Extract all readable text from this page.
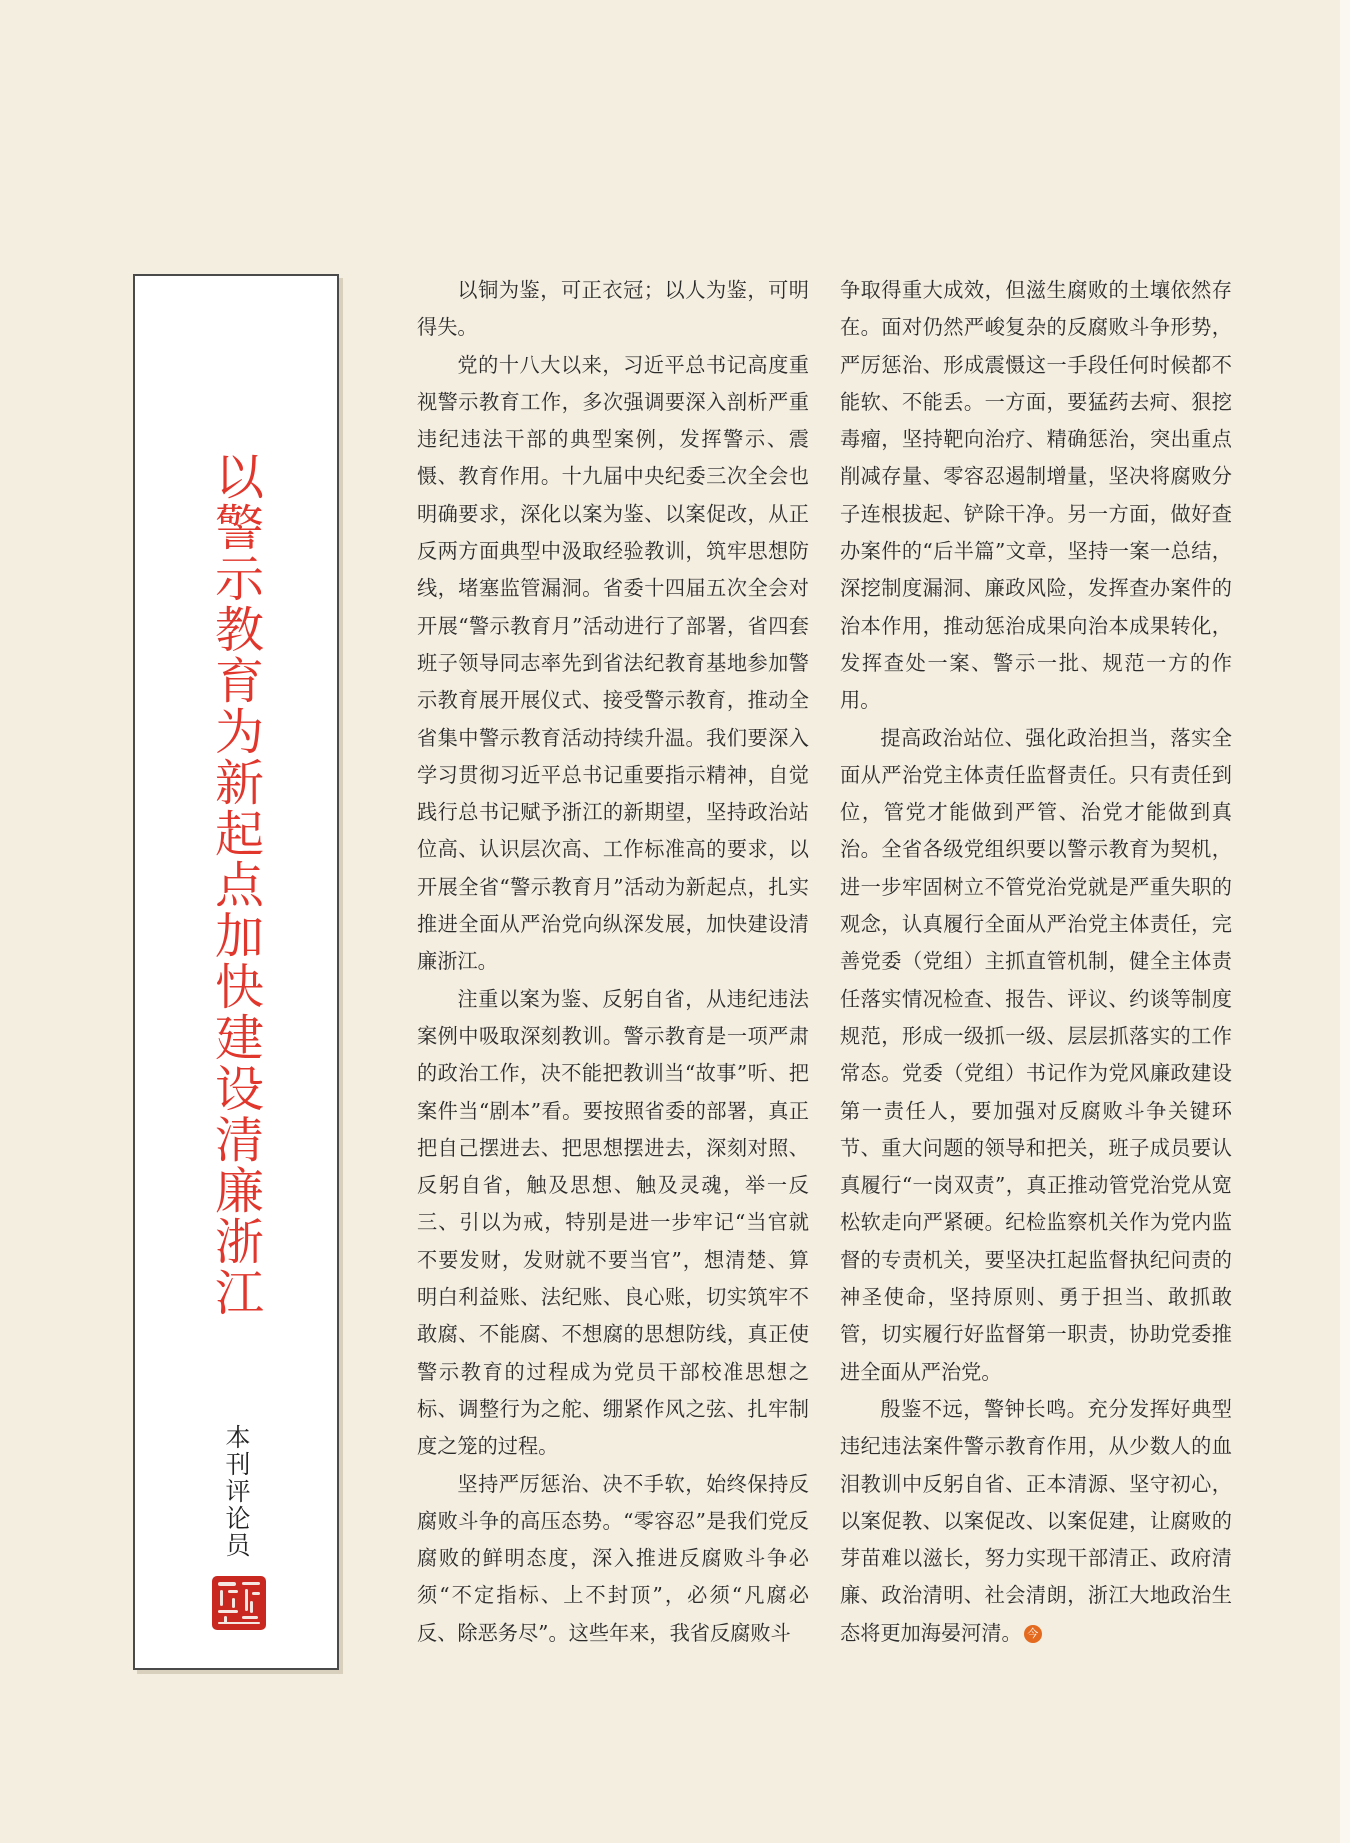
以警示教育为新起点加快建设清廉浙江
本刊评论员

以铜为鉴，可正衣冠；以人为鉴，可明得失。

党的十八大以来，习近平总书记高度重视警示教育工作，多次强调要深入剖析严重违纪违法干部的典型案例，发挥警示、震慑、教育作用。十九届中央纪委三次全会也明确要求，深化以案为鉴、以案促改，从正反两方面典型中汲取经验教训，筑牢思想防线，堵塞监管漏洞。省委十四届五次全会对开展“警示教育月”活动进行了部署，省四套班子领导同志率先到省法纪教育基地参加警示教育展开展仪式、接受警示教育，推动全省集中警示教育活动持续升温。我们要深入学习贯彻习近平总书记重要指示精神，自觉践行总书记赋予浙江的新期望，坚持政治站位高、认识层次高、工作标准高的要求，以开展全省“警示教育月”活动为新起点，扎实推进全面从严治党向纵深发展，加快建设清廉浙江。

注重以案为鉴、反躬自省，从违纪违法案例中吸取深刻教训。警示教育是一项严肃的政治工作，决不能把教训当“故事”听、把案件当“剧本”看。要按照省委的部署，真正把自己摆进去、把思想摆进去，深刻对照、反躬自省，触及思想、触及灵魂，举一反三、引以为戒，特别是进一步牢记“当官就不要发财，发财就不要当官”，想清楚、算明白利益账、法纪账、良心账，切实筑牢不敢腐、不能腐、不想腐的思想防线，真正使警示教育的过程成为党员干部校准思想之标、调整行为之舵、绷紧作风之弦、扎牢制度之笼的过程。

坚持严厉惩治、决不手软，始终保持反腐败斗争的高压态势。“零容忍”是我们党反腐败的鲜明态度，深入推进反腐败斗争必须“不定指标、上不封顶”，必须“凡腐必反、除恶务尽”。这些年来，我省反腐败斗

争取得重大成效，但滋生腐败的土壤依然存在。面对仍然严峻复杂的反腐败斗争形势，严厉惩治、形成震慑这一手段任何时候都不能软、不能丢。一方面，要猛药去疴、狠挖毒瘤，坚持靶向治疗、精确惩治，突出重点削减存量、零容忍遏制增量，坚决将腐败分子连根拔起、铲除干净。另一方面，做好查办案件的“后半篇”文章，坚持一案一总结，深挖制度漏洞、廉政风险，发挥查办案件的治本作用，推动惩治成果向治本成果转化，发挥查处一案、警示一批、规范一方的作用。

提高政治站位、强化政治担当，落实全面从严治党主体责任监督责任。只有责任到位，管党才能做到严管、治党才能做到真治。全省各级党组织要以警示教育为契机，进一步牢固树立不管党治党就是严重失职的观念，认真履行全面从严治党主体责任，完善党委（党组）主抓直管机制，健全主体责任落实情况检查、报告、评议、约谈等制度规范，形成一级抓一级、层层抓落实的工作常态。党委（党组）书记作为党风廉政建设第一责任人，要加强对反腐败斗争关键环节、重大问题的领导和把关，班子成员要认真履行“一岗双责”，真正推动管党治党从宽松软走向严紧硬。纪检监察机关作为党内监督的专责机关，要坚决扛起监督执纪问责的神圣使命，坚持原则、勇于担当、敢抓敢管，切实履行好监督第一职责，协助党委推进全面从严治党。

殷鉴不远，警钟长鸣。充分发挥好典型违纪违法案件警示教育作用，从少数人的血泪教训中反躬自省、正本清源、坚守初心，以案促教、以案促改、以案促建，让腐败的芽苗难以滋长，努力实现干部清正、政府清廉、政治清明、社会清朗，浙江大地政治生态将更加海晏河清。 今
